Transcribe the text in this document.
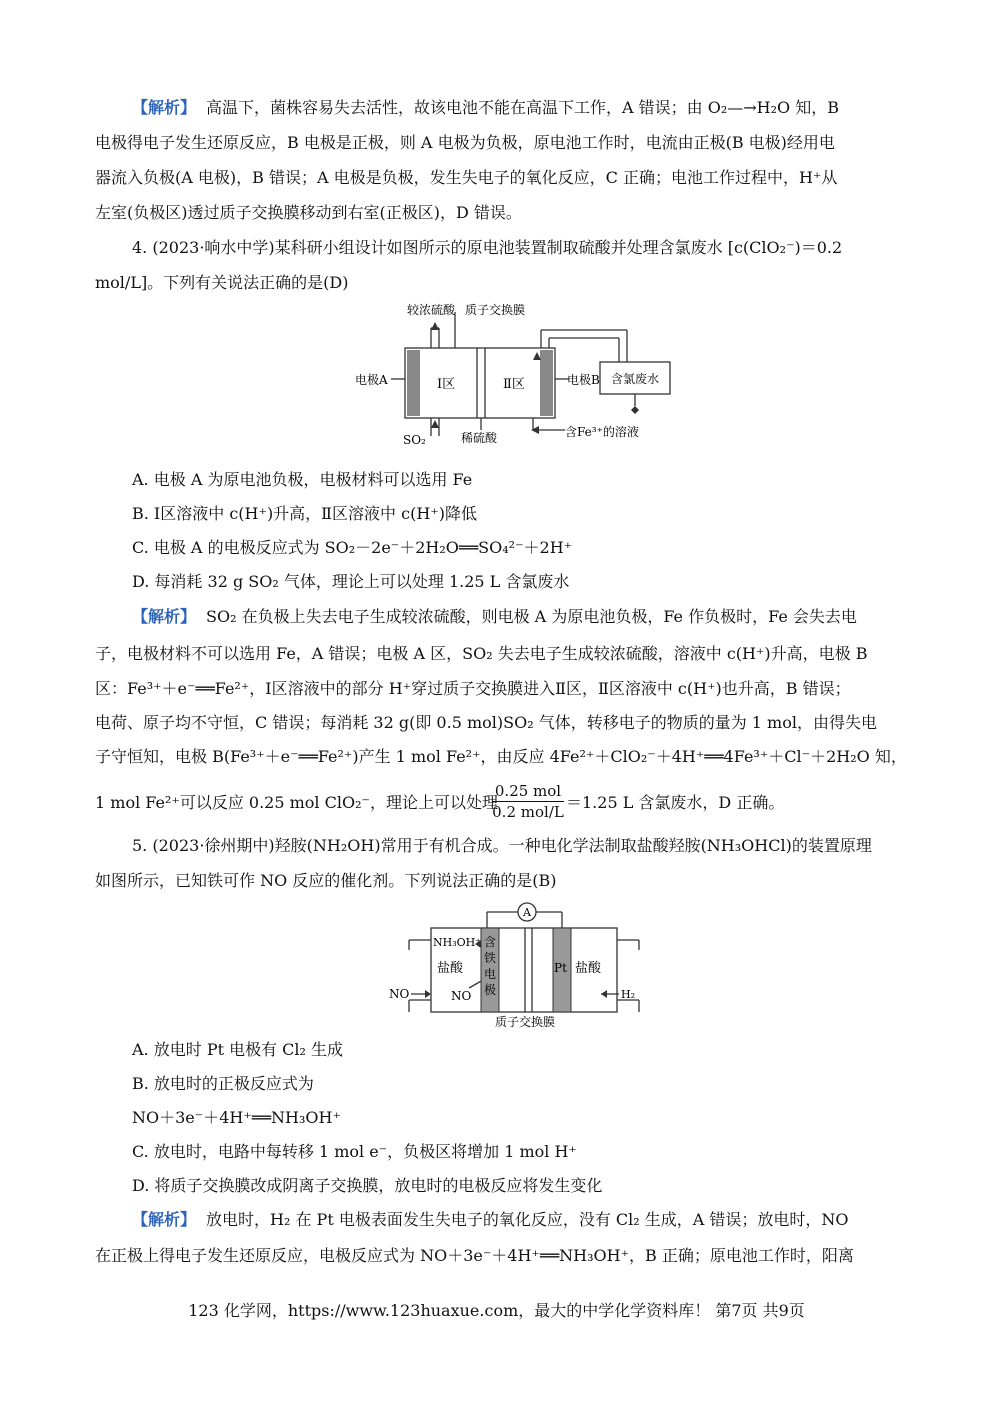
【解析】 高温下，菌株容易失去活性，故该电池不能在高温下工作，A 错误；由 O₂—→H₂O 知，B
电极得电子发生还原反应，B 电极是正极，则 A 电极为负极，原电池工作时，电流由正极(B 电极)经用电
器流入负极(A 电极)，B 错误；A 电极是负极，发生失电子的氧化反应，C 正确；电池工作过程中，H⁺从
左室(负极区)透过质子交换膜移动到右室(正极区)，D 错误。
4. (2023·响水中学)某科研小组设计如图所示的原电池装置制取硫酸并处理含氯废水 [c(ClO₂⁻)＝0.2
mol/L]。下列有关说法正确的是(D)
较浓硫酸 质子交换膜
电极A	Ⅰ区	Ⅱ区	电极B 含氯废水
SO₂	稀硫酸	含Fe³⁺的溶液
A. 电极 A 为原电池负极，电极材料可以选用 Fe
B. Ⅰ区溶液中 c(H⁺)升高，Ⅱ区溶液中 c(H⁺)降低
C. 电极 A 的电极反应式为 SO₂－2e⁻＋2H₂O══SO₄²⁻＋2H⁺
D. 每消耗 32 g SO₂ 气体，理论上可以处理 1.25 L 含氯废水
【解析】 SO₂ 在负极上失去电子生成较浓硫酸，则电极 A 为原电池负极，Fe 作负极时，Fe 会失去电
子，电极材料不可以选用 Fe，A 错误；电极 A 区，SO₂ 失去电子生成较浓硫酸，溶液中 c(H⁺)升高，电极 B
区：Fe³⁺＋e⁻══Fe²⁺，Ⅰ区溶液中的部分 H⁺穿过质子交换膜进入Ⅱ区，Ⅱ区溶液中 c(H⁺)也升高，B 错误；
电荷、原子均不守恒，C 错误；每消耗 32 g(即 0.5 mol)SO₂ 气体，转移电子的物质的量为 1 mol，由得失电
子守恒知，电极 B(Fe³⁺＋e⁻══Fe²⁺)产生 1 mol Fe²⁺，由反应 4Fe²⁺＋ClO₂⁻＋4H⁺══4Fe³⁺＋Cl⁻＋2H₂O 知，
1 mol Fe²⁺可以反应 0.25 mol ClO₂⁻，理论上可以处理
0.25 mol
0.2 mol/L ＝1.25 L 含氯废水，D 正确。
5. (2023·徐州期中)羟胺(NH₂OH)常用于有机合成。一种电化学法制取盐酸羟胺(NH₃OHCl)的装置原理
如图所示，已知铁可作 NO 反应的催化剂。下列说法正确的是(B)
A
NH₃OH⁺
盐酸
NO	NO
含
铁
电
极
Pt 盐酸
H₂
质子交换膜
A. 放电时 Pt 电极有 Cl₂ 生成
B. 放电时的正极反应式为
NO＋3e⁻＋4H⁺══NH₃OH⁺
C. 放电时，电路中每转移 1 mol e⁻，负极区将增加 1 mol H⁺
D. 将质子交换膜改成阴离子交换膜，放电时的电极反应将发生变化
【解析】 放电时，H₂ 在 Pt 电极表面发生失电子的氧化反应，没有 Cl₂ 生成，A 错误；放电时，NO
在正极上得电子发生还原反应，电极反应式为 NO＋3e⁻＋4H⁺══NH₃OH⁺，B 正确；原电池工作时，阳离
123 化学网，https://www.123huaxue.com，最大的中学化学资料库！ 第7页 共9页
